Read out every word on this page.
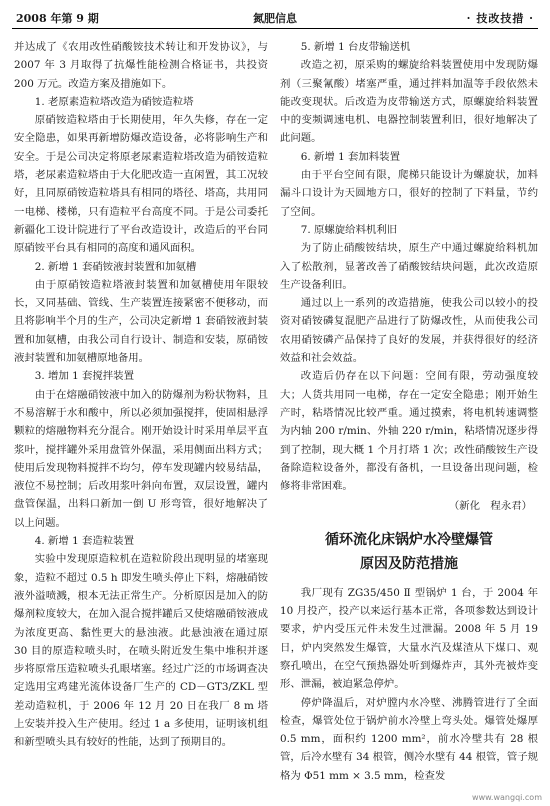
2008 年第 9 期	氮肥信息	· 技改技措 ·

并达成了《农用改性硝酸铵技术转让和开发协议》，与 2007 年 3 月取得了抗爆性能检测合格证书，共投资 200 万元。改造方案及措施如下。

1. 老原素造粒塔改造为硝铵造粒塔

原硝铵造粒塔由于长期使用，年久失修，存在一定安全隐患，如果再新增防爆改造设备，必将影响生产和安全。于是公司决定将原老尿素造粒塔改造为硝铵造粒塔，老尿素造粒塔由于大化肥改造一直闲置，其工况较好，且同原硝铵造粒塔具有相同的塔径、塔高，共用同一电梯、楼梯，只有造粒平台高度不同。于是公司委托新疆化工设计院进行了平台改造设计，改造后的平台同原硝铵平台具有相同的高度和通风面积。

2. 新增 1 套硝铵液封装置和加氨槽

由于原硝铵造粒塔液封装置和加氨槽使用年限较长，又同基础、管线、生产装置连接紧密不便移动，而且将影响半个月的生产，公司决定新增 1 套硝铵液封装置和加氨槽，由我公司自行设计、制造和安装，原硝铵液封装置和加氨槽原地备用。

3. 增加 1 套搅拌装置

由于在熔融硝铵液中加入的防爆剂为粉状物料，且不易溶解于水和酸中，所以必须加强搅拌，使固相悬浮颗粒的熔融物料充分混合。刚开始设计时采用单层平直浆叶，搅拌罐外采用盘管外保温，采用侧面出料方式；使用后发现物料搅拌不均匀，停车发现罐内较易结晶，液位不易控制；后改用浆叶斜向布置，双层设置，罐内盘管保温，出料口新加一倒 U 形弯管，很好地解决了以上问题。

4. 新增 1 套造粒装置

实验中发现原造粒机在造粒阶段出现明显的堵塞现象，造粒不超过 0.5 h 即发生喷头停止下料，熔融硝铵液外溢喷溅，根本无法正常生产。分析原因是加入的防爆剂粒度较大，在加入混合搅拌罐后又使熔融硝铵液成为浓度更高、黏性更大的悬浊液。此悬浊液在通过原 30 目的原造粒喷头时，在喷头附近发生集中堆积并逐步将原常压造粒喷头孔眼堵塞。经过广泛的市场调查决定选用宝鸡建光流体设备厂生产的 CD－GT3/ZKL 型差动造粒机，于 2006 年 12 月 20 日在我厂 8 m 塔上安装并投入生产使用。经过 1 a 多使用，证明该机组和新型喷头具有较好的性能，达到了预期目的。

5. 新增 1 台皮带输送机

改造之初，原采购的螺旋给料装置使用中发现防爆剂（三聚氰酸）堵塞严重，通过拌料加温等手段依然未能改变现状。后改造为皮带输送方式，原螺旋给料装置中的变频调速电机、电器控制装置利旧，很好地解决了此问题。

6. 新增 1 套加料装置

由于平台空间有限，爬梯只能设计为螺旋状，加料漏斗口设计为天圆地方口，很好的控制了下料量，节约了空间。

7. 原螺旋给料机利旧

为了防止硝酸铵结块，原生产中通过螺旋给料机加入了松散剂，显著改善了硝酸铵结块问题，此次改造原生产设备利旧。

通过以上一系列的改造措施，使我公司以较小的投资对硝铵磷复混肥产品进行了防爆改性，从而使我公司农用硝铵磷产品保持了良好的发展，并获得很好的经济效益和社会效益。

改造后仍存在以下问题：空间有限，劳动强度较大；人货共用同一电梯，存在一定安全隐患；刚开始生产时，粘塔情况比较严重。通过摸索，将电机转速调整为内轴 200 r/min、外轴 220 r/min，粘塔情况逐步得到了控制，现大概 1 个月打塔 1 次；改性硝酸铵生产设备除造粒设备外，都没有备机，一旦设备出现问题，检修将非常困难。

（新化　程永君）
循环流化床锅炉水冷壁爆管
原因及防范措施

我厂现有 ZG35/450 Ⅱ 型锅炉 1 台，于 2004 年 10 月投产，投产以来运行基本正常，各项参数达到设计要求，炉内受压元件未发生过泄漏。2008 年 5 月 19 日，炉内突然发生爆管，大量水汽及煤渣从下煤口、观察孔喷出，在空气预热器处听到爆炸声，其外壳被炸变形、泄漏，被迫紧急停炉。

停炉降温后，对炉膛内水冷壁、沸腾管进行了全面检查，爆管处位于锅炉前水冷壁上弯头处。爆管处爆厚 0.5 mm，面积约 1200 mm²，前水冷壁共有 28 根管，后冷水壁有 34 根管，侧冷水壁有 44 根管，管子规格为 Φ51 mm × 3.5 mm，检查发

www.wangqi.com
